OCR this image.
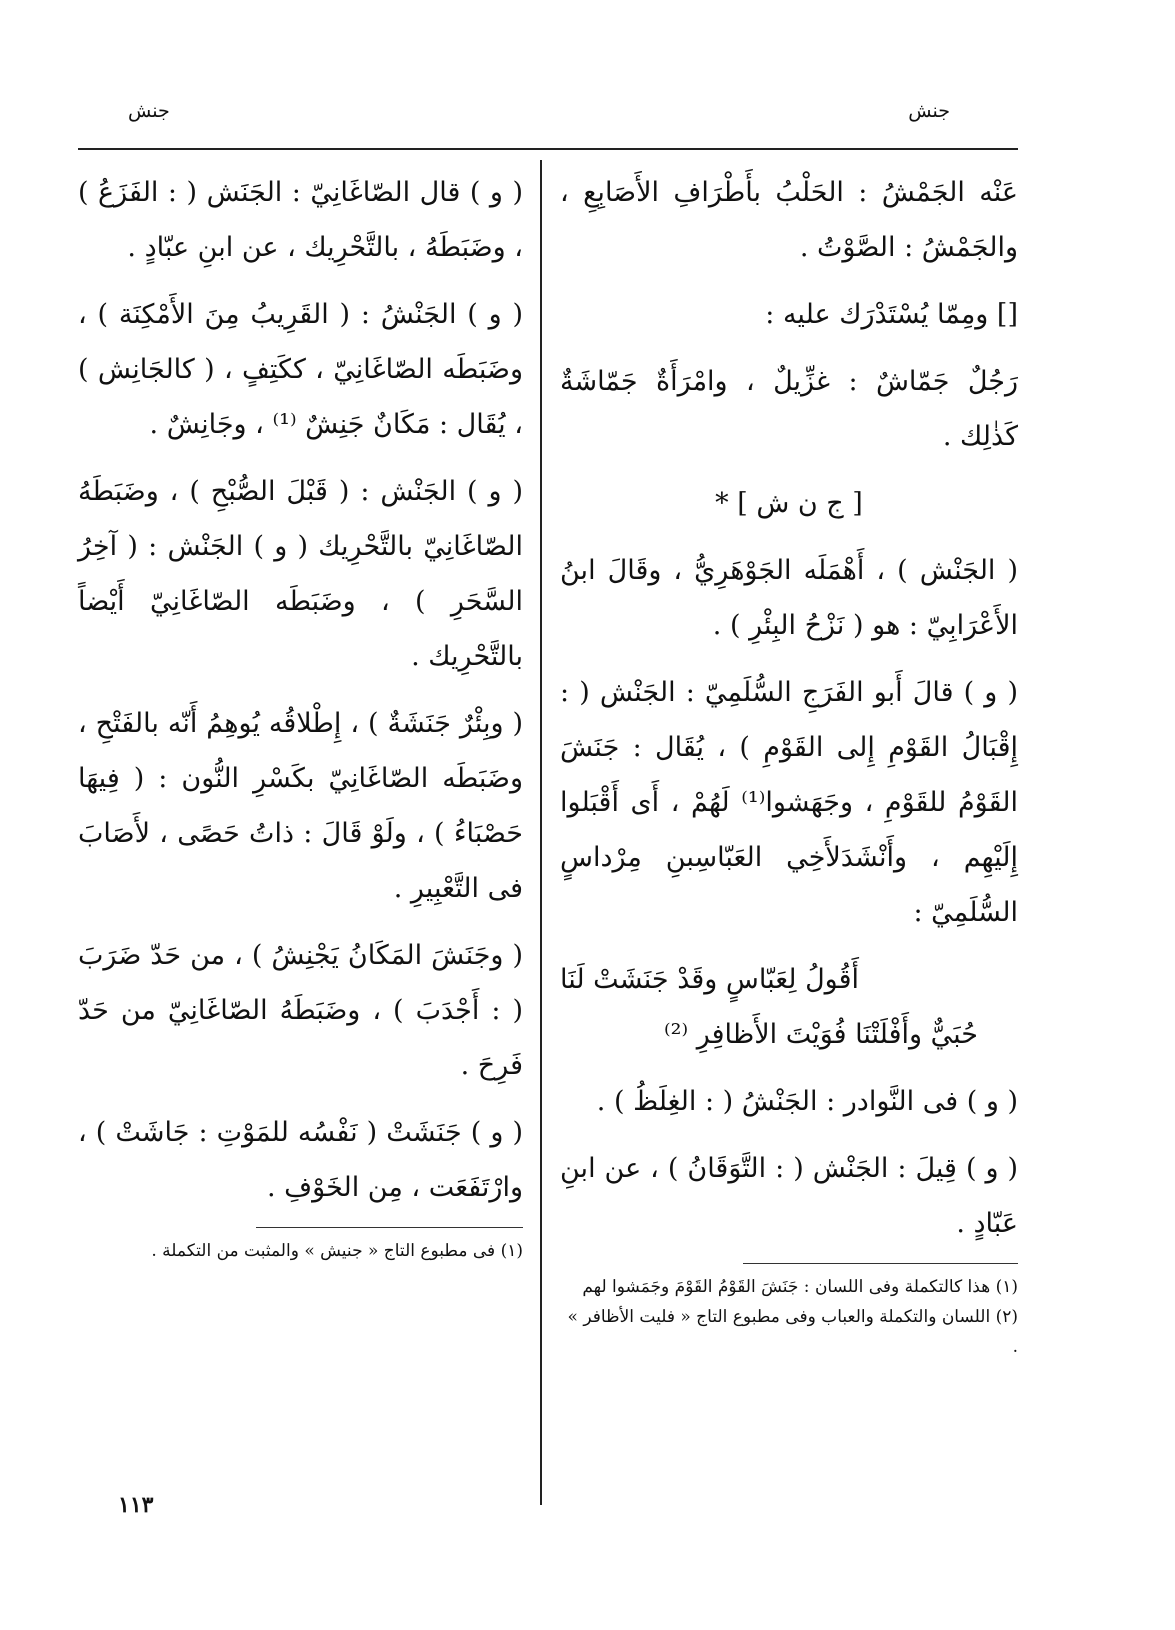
جنش
جنش

عَنْه الجَمْشُ : الحَلْبُ بأَطْرَافِ الأَصَابِعِ ، والجَمْشُ : الصَّوْتُ .

[] ومِمّا يُسْتَدْرَك عليه :

رَجُلٌ جَمّاشٌ : غزِّيلٌ ، وامْرَأَةٌ جَمّاشَةٌ كَذٰلِك .

[ ج ن ش ] *

( الجَنْش ) ، أَهْمَلَه الجَوْهَرِيُّ ، وقَالَ ابنُ الأَعْرَابِيّ : هو ( نَزْحُ البِئْرِ ) .

( و ) قالَ أَبو الفَرَجِ السُّلَمِيّ : الجَنْش ( : إِقْبَالُ القَوْمِ إِلى القَوْمِ ) ، يُقَال : جَنَشَ القَوْمُ للقَوْمِ ، وجَهَشوا⁽¹⁾ لَهُمْ ، أَى أَقْبَلوا إِلَيْهِم ، وأَنْشَدَلأَخِي العَبّاسِبنِ مِرْداسٍ السُّلَمِيّ :

أَقُولُ لِعَبّاسٍ وقَدْ جَنَشَتْ لَنَا
حُبَيٌّ وأَفْلَتْنَا فُوَيْتَ الأَظافِرِ ⁽²⁾

( و ) فى النَّوادر : الجَنْشُ ( : الغِلَظُ ) .

( و ) قِيلَ : الجَنْش ( : التَّوَقَانُ ) ، عن ابنِ عَبّادٍ .

(١) هذا كالتكملة وفى اللسان : جَنَشَ القَوْمُ القَوْمَ وجَمَشوا لهم

(٢) اللسان والتكملة والعباب وفى مطبوع التاج « فليت الأظافر » .

( و ) قال الصّاغَانِيّ : الجَنَش ( : الفَزَعُ ) ، وضَبَطَهُ ، بالتَّحْرِيك ، عن ابنِ عبّادٍ .

( و ) الجَنْشُ : ( القَرِيبُ مِنَ الأَمْكِنَة ) ، وضَبَطَه الصّاغَانِيّ ، ككَتِفٍ ، ( كالجَانِش ) ، يُقَال : مَكَانٌ جَنِشٌ ⁽¹⁾ ، وجَانِشٌ .

( و ) الجَنْش : ( قَبْلَ الصُّبْحِ ) ، وضَبَطَهُ الصّاغَانِيّ بالتَّحْرِيك ( و ) الجَنْش : ( آخِرُ السَّحَرِ ) ، وضَبَطَه الصّاغَانِيّ أَيْضاً بالتَّحْرِيك .

( وبِئْرٌ جَنَشَةٌ ) ، إِطْلاقُه يُوهِمُ أَنّه بالفَتْحِ ، وضَبَطَه الصّاغَانِيّ بكَسْرِ النُّون : ( فِيهَا حَصْبَاءُ ) ، ولَوْ قَالَ : ذاتُ حَصًى ، لأَصَابَ فى التَّعْبِيرِ .

( وجَنَشَ المَكَانُ يَجْنِشُ ) ، من حَدّ ضَرَبَ ( : أَجْدَبَ ) ، وضَبَطَهُ الصّاغَانِيّ من حَدّ فَرِحَ .

( و ) جَنَشَتْ ( نَفْسُه للمَوْتِ : جَاشَتْ ) ، وارْتَفَعَت ، مِن الخَوْفِ .

(١) فى مطبوع التاج « جنيش » والمثبت من التكملة .

١١٣
